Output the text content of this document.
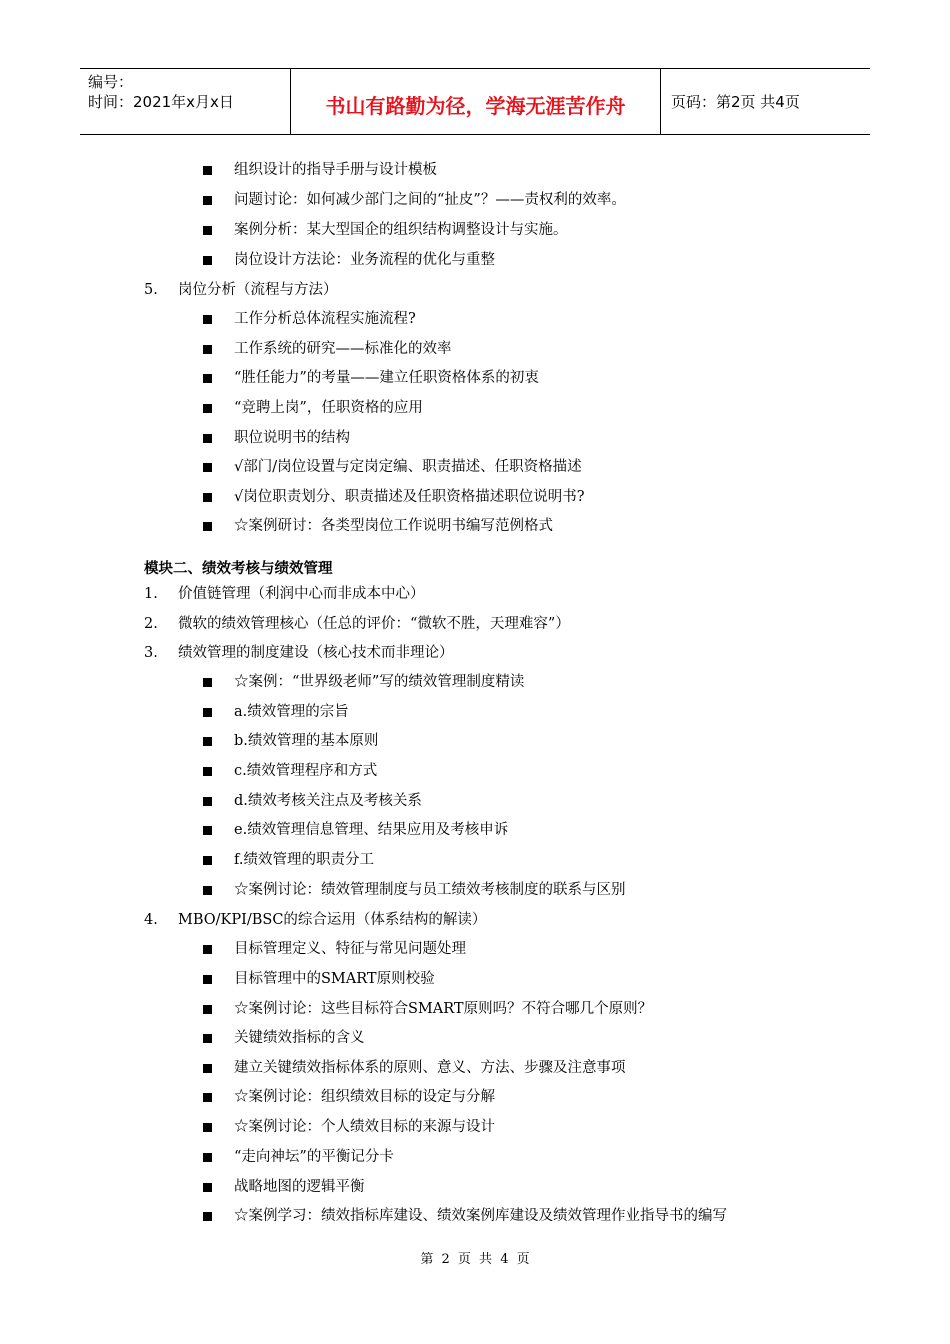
编号：
时间：2021年x月x日	书山有路勤为径，学海无涯苦作舟	页码：第2页 共4页
组织设计的指导手册与设计模板
问题讨论：如何减少部门之间的“扯皮”？——责权利的效率。
案例分析：某大型国企的组织结构调整设计与实施。
岗位设计方法论：业务流程的优化与重整
5. 岗位分析（流程与方法）
工作分析总体流程实施流程?
工作系统的研究——标准化的效率
“胜任能力”的考量——建立任职资格体系的初衷
“竞聘上岗”，任职资格的应用
职位说明书的结构
√部门/岗位设置与定岗定编、职责描述、任职资格描述
√岗位职责划分、职责描述及任职资格描述职位说明书?
☆案例研讨：各类型岗位工作说明书编写范例格式
模块二、绩效考核与绩效管理
1. 价值链管理（利润中心而非成本中心）
2. 微软的绩效管理核心（任总的评价：“微软不胜，天理难容”）
3. 绩效管理的制度建设（核心技术而非理论）
☆案例：“世界级老师”写的绩效管理制度精读
a.绩效管理的宗旨
b.绩效管理的基本原则
c.绩效管理程序和方式
d.绩效考核关注点及考核关系
e.绩效管理信息管理、结果应用及考核申诉
f.绩效管理的职责分工
☆案例讨论：绩效管理制度与员工绩效考核制度的联系与区别
4. MBO/KPI/BSC的综合运用（体系结构的解读）
目标管理定义、特征与常见问题处理
目标管理中的SMART原则校验
☆案例讨论：这些目标符合SMART原则吗？不符合哪几个原则？
关键绩效指标的含义
建立关键绩效指标体系的原则、意义、方法、步骤及注意事项
☆案例讨论：组织绩效目标的设定与分解
☆案例讨论：个人绩效目标的来源与设计
“走向神坛”的平衡记分卡
战略地图的逻辑平衡
☆案例学习：绩效指标库建设、绩效案例库建设及绩效管理作业指导书的编写
第 2 页 共 4 页
